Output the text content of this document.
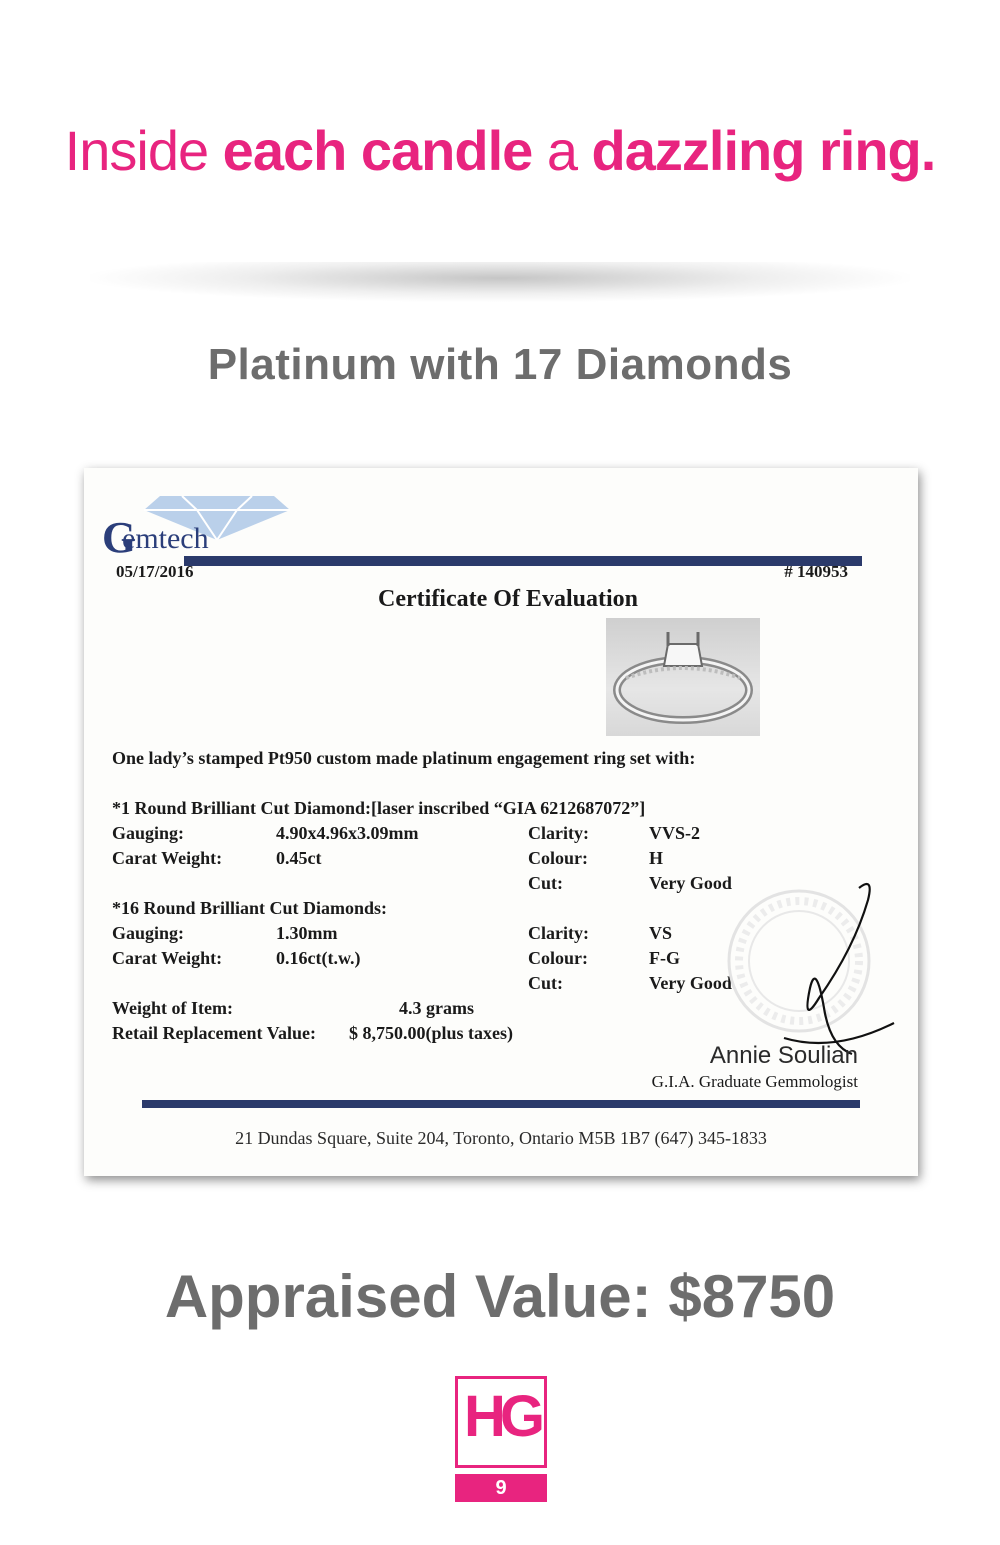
Inside each candle a dazzling ring.
Platinum with 17 Diamonds
G
emtech
05/17/2016	# 140953
Certificate Of Evaluation
One lady’s stamped Pt950 custom made platinum engagement ring set with:
*1 Round Brilliant Cut Diamond:[laser inscribed “GIA 6212687072”]
Gauging:	4.90x4.96x3.09mm	Clarity:	VVS-2
Carat Weight:	0.45ct	Colour:	H
Cut:	Very Good
*16 Round Brilliant Cut Diamonds:
Gauging:	1.30mm	Clarity:	VS
Carat Weight:	0.16ct(t.w.)	Colour:	F-G
Cut:	Very Good
Weight of Item:	4.3 grams
Retail Replacement Value: $ 8,750.00(plus taxes)
Annie Soulian
G.I.A. Graduate Gemmologist
21 Dundas Square, Suite 204, Toronto, Ontario M5B 1B7 (647) 345-1833
Appraised Value: $8750
HG
9
